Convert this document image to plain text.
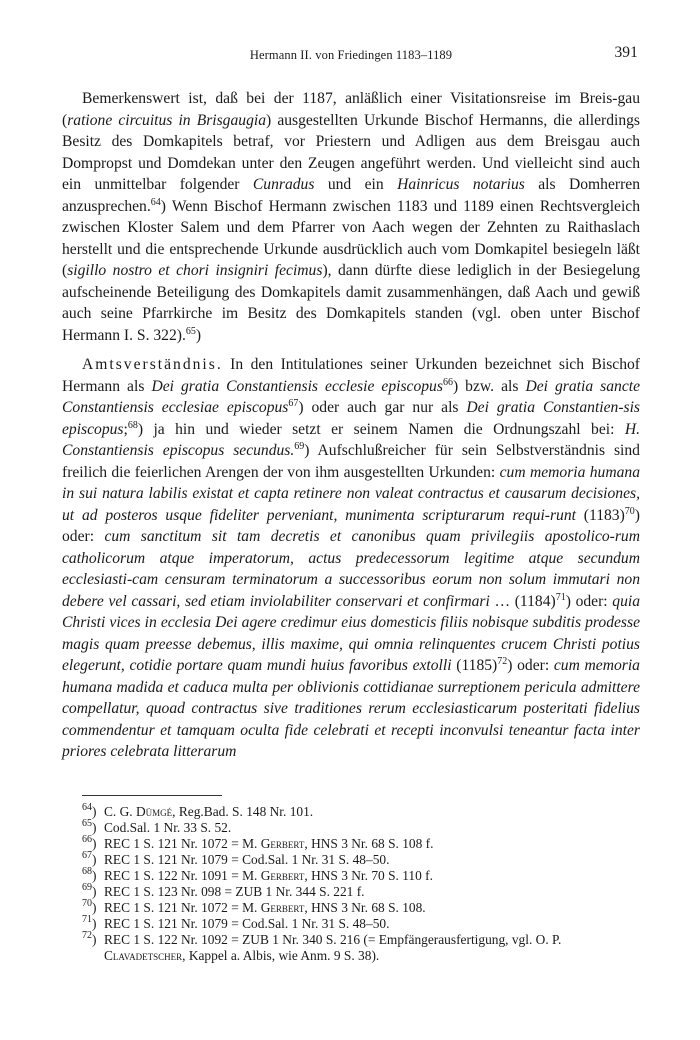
Hermann II. von Friedingen 1183–1189	391

Bemerkenswert ist, daß bei der 1187, anläßlich einer Visitationsreise im Breis-gau (ratione circuitus in Brisgaugia) ausgestellten Urkunde Bischof Hermanns, die allerdings Besitz des Domkapitels betraf, vor Priestern und Adligen aus dem Breisgau auch Dompropst und Domdekan unter den Zeugen angeführt werden. Und vielleicht sind auch ein unmittelbar folgender Cunradus und ein Hainricus notarius als Domherren anzusprechen.$^{64}$) Wenn Bischof Hermann zwischen 1183 und 1189 einen Rechtsvergleich zwischen Kloster Salem und dem Pfarrer von Aach wegen der Zehnten zu Raithaslach herstellt und die entsprechende Urkunde ausdrücklich auch vom Domkapitel besiegeln läßt (sigillo nostro et chori insigniri fecimus), dann dürfte diese lediglich in der Besiegelung aufscheinende Beteiligung des Domkapitels damit zusammenhängen, daß Aach und gewiß auch seine Pfarrkirche im Besitz des Domkapitels standen (vgl. oben unter Bischof Hermann I. S. 322).$^{65}$)

Amtsverständnis. In den Intitulationes seiner Urkunden bezeichnet sich Bischof Hermann als Dei gratia Constantiensis ecclesie episcopus$^{66}$) bzw. als Dei gratia sancte Constantiensis ecclesiae episcopus$^{67}$) oder auch gar nur als Dei gratia Constantien-sis episcopus;$^{68}$) ja hin und wieder setzt er seinem Namen die Ordnungszahl bei: H. Constantiensis episcopus secundus.$^{69}$) Aufschlußreicher für sein Selbstverständnis sind freilich die feierlichen Arengen der von ihm ausgestellten Urkunden: cum memoria humana in sui natura labilis existat et capta retinere non valeat contractus et causarum decisiones, ut ad posteros usque fideliter perveniant, munimenta scripturarum requi-runt $(1183)^{70}$) oder: cum sanctitum sit tam decretis et canonibus quam privilegiis apostolico-rum catholicorum atque imperatorum, actus predecessorum legitime atque secundum ecclesiasti-cam censuram terminatorum a successoribus eorum non solum immutari non debere vel cassari, sed etiam inviolabiliter conservari et confirmari … $(1184)^{71}$) oder: quia Christi vices in ecclesia Dei agere credimur eius domesticis filiis nobisque subditis prodesse magis quam preesse debemus, illis maxime, qui omnia relinquentes crucem Christi potius elegerunt, cotidie portare quam mundi huius favoribus extolli $(1185)^{72}$) oder: cum memoria humana madida et caduca multa per oblivionis cottidianae surreptionem pericula admittere compellatur, quoad contractus sive traditiones rerum ecclesiasticarum posteritati fidelius commendentur et tamquam oculta fide celebrati et recepti inconvulsi teneantur facta inter priores celebrata litterarum

$^{64}$) C. G. Dümgé, Reg.Bad. S. 148 Nr. 101.
$^{65}$) Cod.Sal. 1 Nr. 33 S. 52.
$^{66}$) REC 1 S. 121 Nr. 1072 = M. Gerbert, HNS 3 Nr. 68 S. 108 f.
$^{67}$) REC 1 S. 121 Nr. 1079 = Cod.Sal. 1 Nr. 31 S. 48–50.
$^{68}$) REC 1 S. 122 Nr. 1091 = M. Gerbert, HNS 3 Nr. 70 S. 110 f.
$^{69}$) REC 1 S. 123 Nr. 098 = ZUB 1 Nr. 344 S. 221 f.
$^{70}$) REC 1 S. 121 Nr. 1072 = M. Gerbert, HNS 3 Nr. 68 S. 108.
$^{71}$) REC 1 S. 121 Nr. 1079 = Cod.Sal. 1 Nr. 31 S. 48–50.
$^{72}$) REC 1 S. 122 Nr. 1092 = ZUB 1 Nr. 340 S. 216 (= Empfängerausfertigung, vgl. O. P. Clavadetscher, Kappel a. Albis, wie Anm. 9 S. 38).
